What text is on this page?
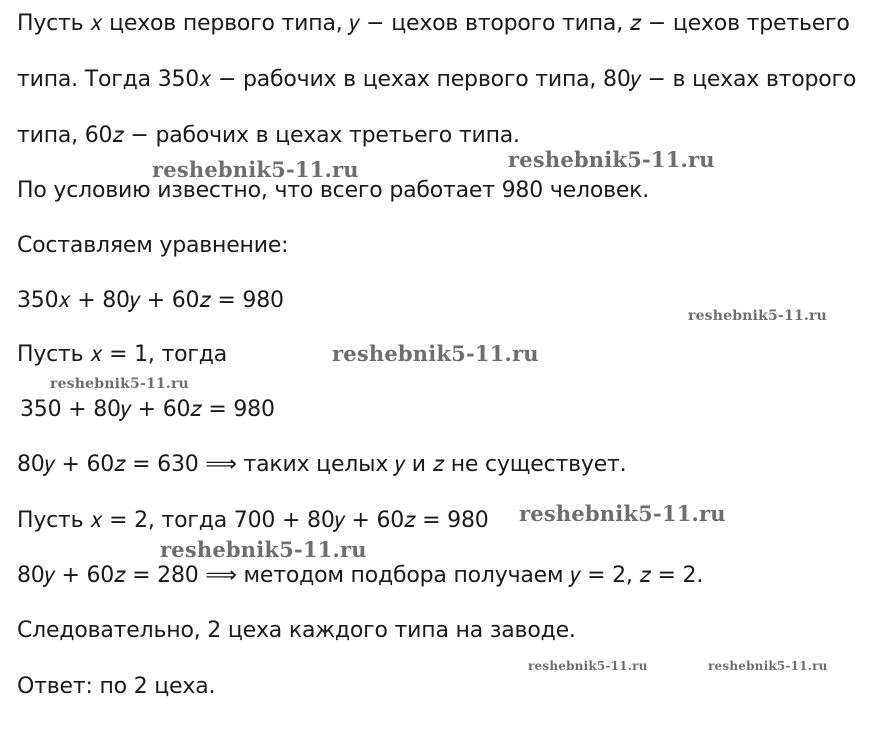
Пусть 𝑥 цехов первого типа, 𝑦 − цехов второго типа, 𝑧 − цехов третьего
типа. Тогда 350𝑥 − рабочих в цехах первого типа, 80𝑦 − в цехах второго
типа, 60𝑧 − рабочих в цехах третьего типа.
По условию известно, что всего работает 980 человек.
Составляем уравнение:
350𝑥 + 80𝑦 + 60𝑧 = 980
Пусть 𝑥 = 1, тогда
350 + 80𝑦 + 60𝑧 = 980
80𝑦 + 60𝑧 = 630 ⟹ таких целых 𝑦 и 𝑧 не существует.
Пусть 𝑥 = 2, тогда 700 + 80𝑦 + 60𝑧 = 980
80𝑦 + 60𝑧 = 280 ⟹ методом подбора получаем 𝑦 = 2, 𝑧 = 2.
Следовательно, 2 цеха каждого типа на заводе.
Ответ: по 2 цеха.
reshebnik5-11.ru	reshebnik5-11.ru
reshebnik5-11.ru
reshebnik5-11.ru
reshebnik5-11.ru
reshebnik5-11.ru
reshebnik5-11.ru
reshebnik5-11.ru	reshebnik5-11.ru
